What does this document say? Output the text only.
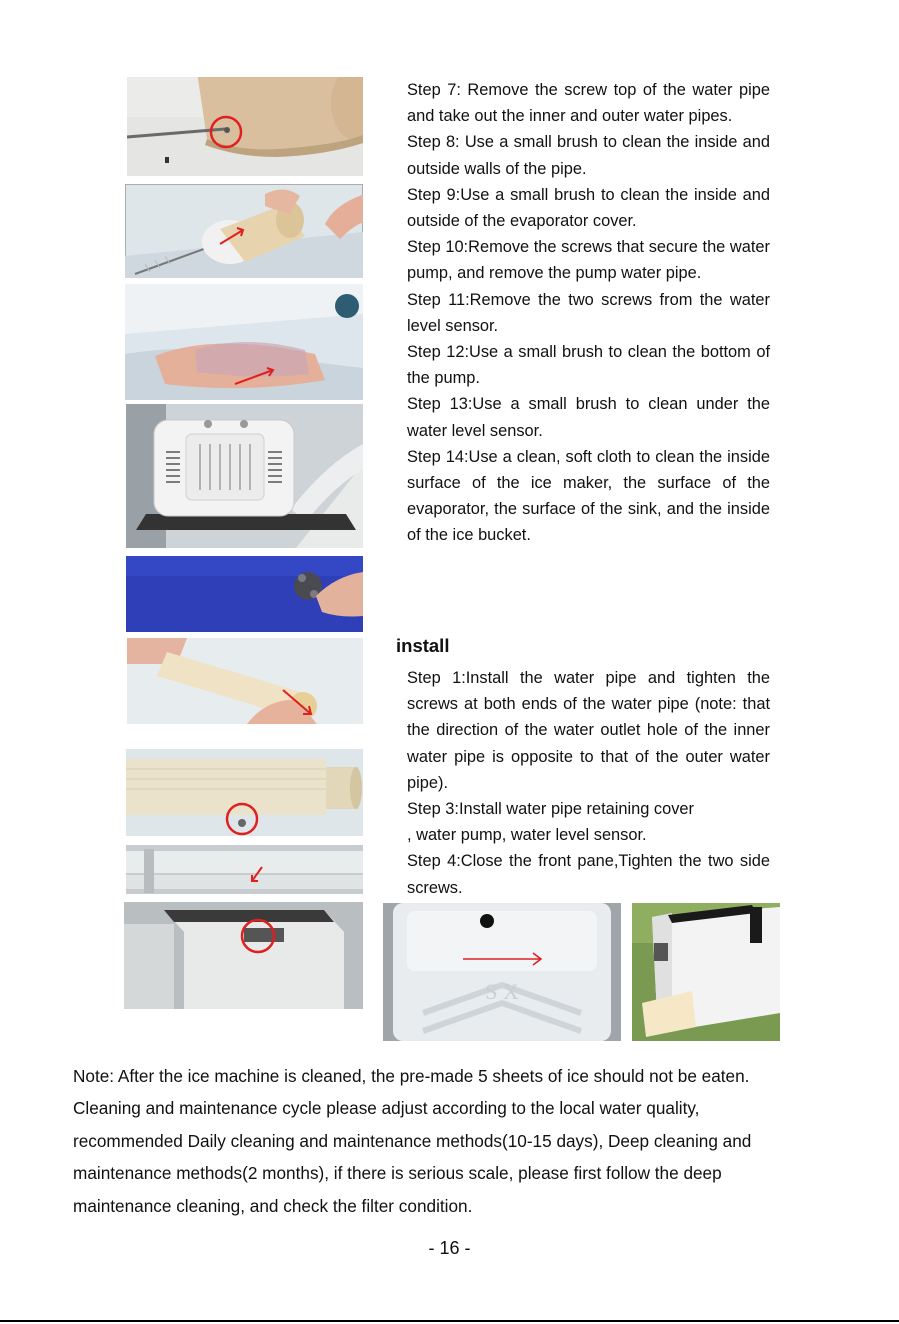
S X

Step 7: Remove the screw top of the water pipe and take out the inner and outer water pipes.

Step 8: Use a small brush to clean the inside and outside walls of the pipe.

Step 9:Use a small brush to clean the inside and outside of the evaporator cover.

Step 10:Remove the screws that secure the water pump, and remove the pump water pipe.

Step 11:Remove the two screws from the water level sensor.

Step 12:Use a small brush to clean the bottom of the pump.

Step 13:Use a small brush to clean under the water level sensor.

Step 14:Use a clean, soft cloth to clean the inside surface of the ice maker, the surface of the evaporator, the surface of the sink, and the inside of the ice bucket.

install

Step 1:Install the water pipe and tighten the screws at both ends of the water pipe (note: that the direction of the water outlet hole of the inner water pipe is opposite to that of the outer water pipe).

Step 3:Install water pipe retaining cover

, water pump, water level sensor.

Step 4:Close the front pane,Tighten the two side screws.

Note: After the ice machine is cleaned, the pre-made 5 sheets of ice should not be eaten.

Cleaning and maintenance cycle please adjust according to the local water quality,

recommended Daily cleaning and maintenance methods(10-15 days), Deep cleaning and

maintenance methods(2 months), if there is serious scale, please first follow the deep

maintenance cleaning, and check the filter condition.

- 16 -
